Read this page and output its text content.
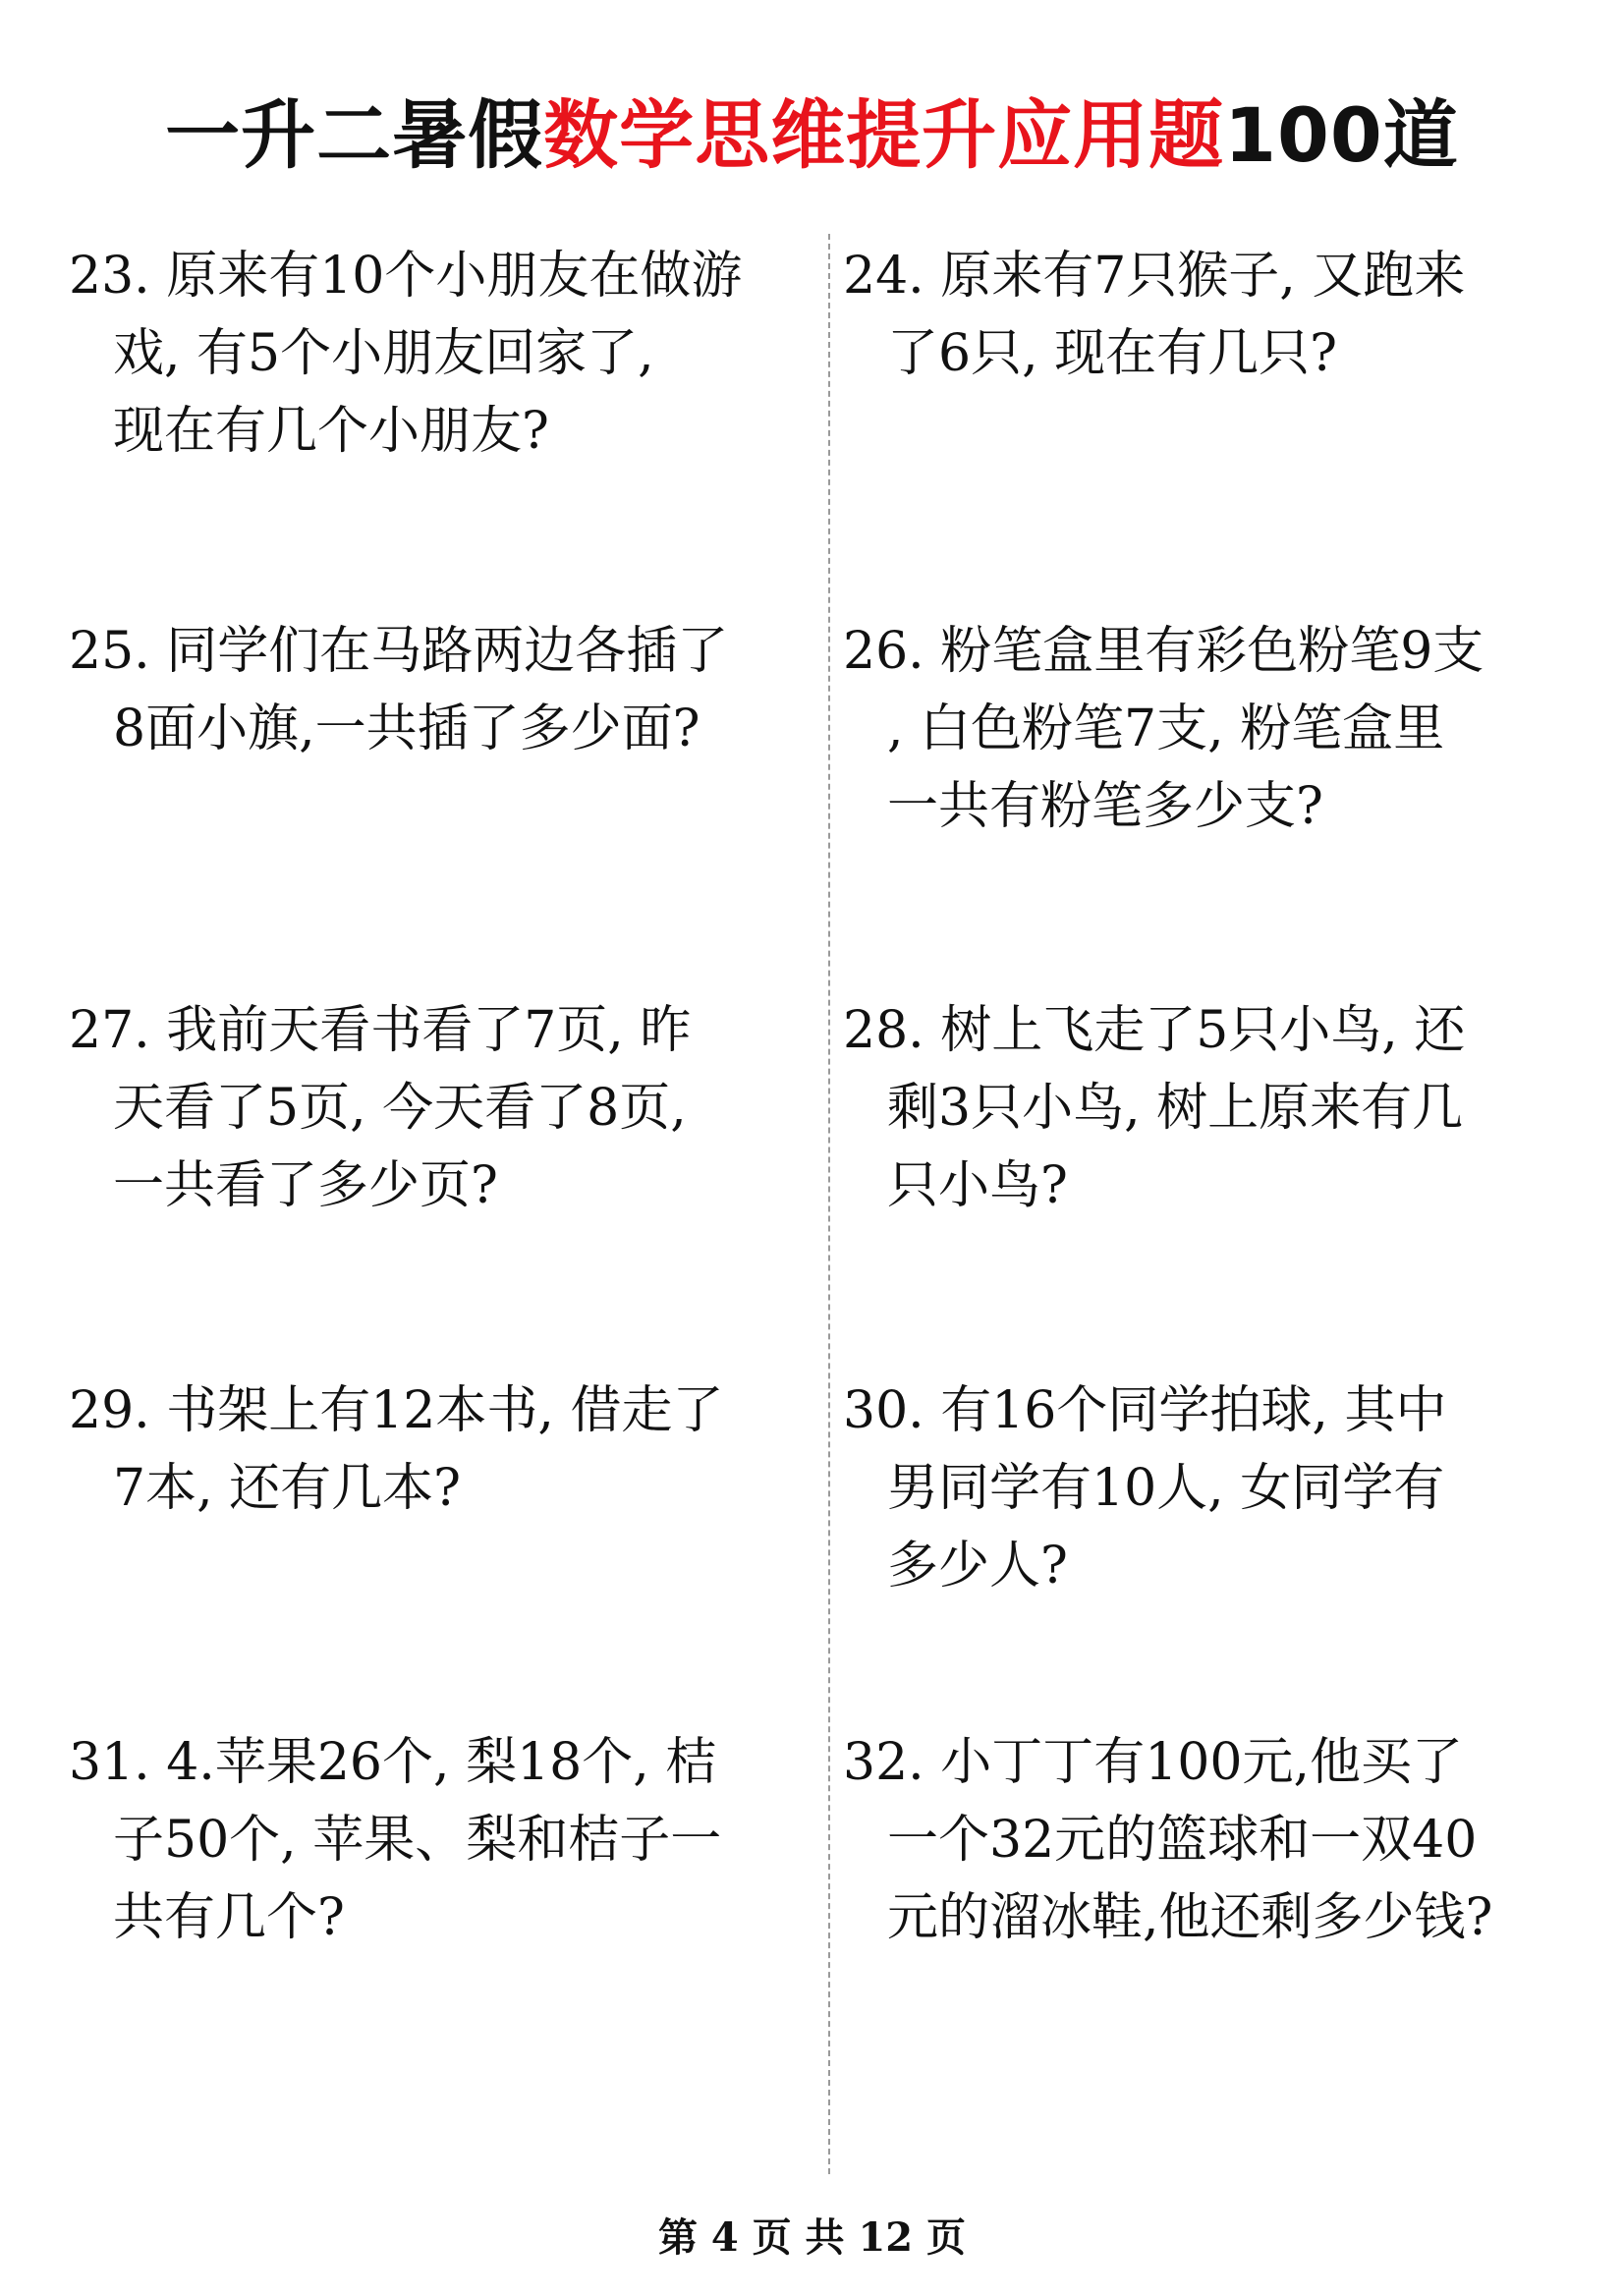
一升二暑假数学思维提升应用题100道
23. 原来有10个小朋友在做游
戏, 有5个小朋友回家了,
现在有几个小朋友?
24. 原来有7只猴子, 又跑来
了6只, 现在有几只?
25. 同学们在马路两边各插了
8面小旗,一共插了多少面?
26. 粉笔盒里有彩色粉笔9支
, 白色粉笔7支, 粉笔盒里
一共有粉笔多少支?
27. 我前天看书看了7页, 昨
天看了5页, 今天看了8页,
一共看了多少页?
28. 树上飞走了5只小鸟, 还
剩3只小鸟, 树上原来有几
只小鸟?
29. 书架上有12本书, 借走了
7本, 还有几本?
30. 有16个同学拍球, 其中
男同学有10人, 女同学有
多少人?
31. 4.苹果26个, 梨18个, 桔
子50个, 苹果、梨和桔子一
共有几个?
32. 小丁丁有100元,他买了
一个32元的篮球和一双40
元的溜冰鞋,他还剩多少钱?
第 4 页 共 12 页
